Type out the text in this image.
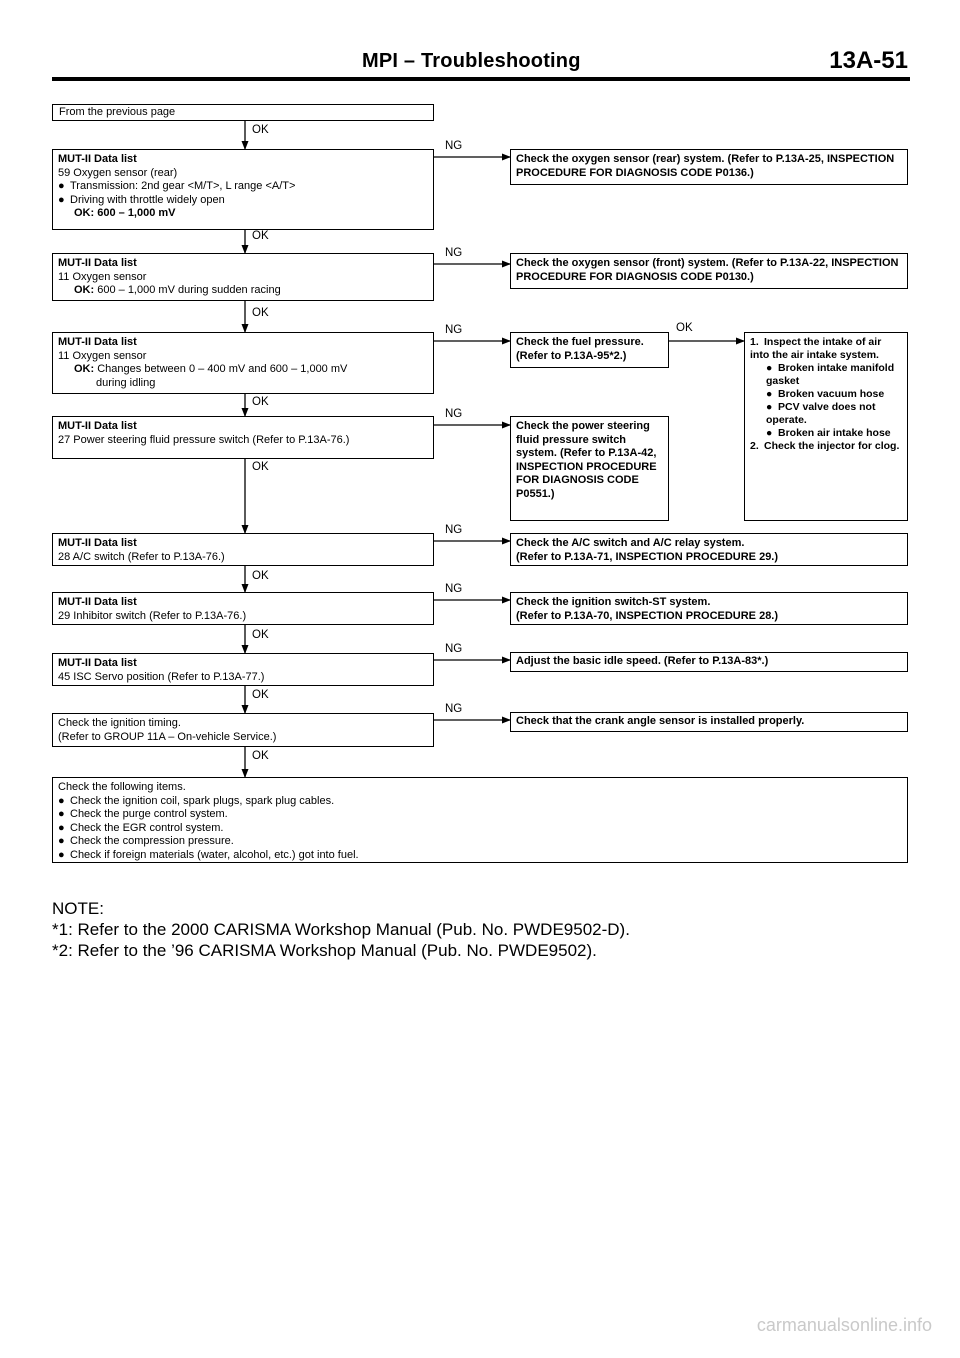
MPI – Troubleshooting	13A-51
From the previous page
OK
OK
OK
OK
OK
OK
OK
OK
OK
OK
NG
NG
NG
NG
NG
NG
NG
NG
MUT-II Data list
59 Oxygen sensor (rear)
● Transmission: 2nd gear <M/T>, L range <A/T>
● Driving with throttle widely open
OK: 600 – 1,000 mV
Check the oxygen sensor (rear) system. (Refer to P.13A-25, INSPECTION PROCEDURE FOR DIAGNOSIS CODE P0136.)
MUT-II Data list
11 Oxygen sensor
OK: 600 – 1,000 mV during sudden racing
Check the oxygen sensor (front) system. (Refer to P.13A-22, INSPECTION PROCEDURE FOR DIAGNOSIS CODE P0130.)
MUT-II Data list
11 Oxygen sensor
OK: Changes between 0 – 400 mV and 600 – 1,000 mV
during idling
Check the fuel pressure. (Refer to P.13A-95*2.)
1. Inspect the intake of air into the air intake system.
● Broken intake manifold gasket
● Broken vacuum hose
● PCV valve does not operate.
● Broken air intake hose
2. Check the injector for clog.
MUT-II Data list
27 Power steering fluid pressure switch (Refer to P.13A-76.)
Check the power steering fluid pressure switch system. (Refer to P.13A-42, INSPECTION PROCEDURE FOR DIAGNOSIS CODE P0551.)
MUT-II Data list
28 A/C switch (Refer to P.13A-76.)
Check the A/C switch and A/C relay system.
(Refer to P.13A-71, INSPECTION PROCEDURE 29.)
MUT-II Data list
29 Inhibitor switch (Refer to P.13A-76.)
Check the ignition switch-ST system.
(Refer to P.13A-70, INSPECTION PROCEDURE 28.)
MUT-II Data list
45 ISC Servo position (Refer to P.13A-77.)
Adjust the basic idle speed. (Refer to P.13A-83*.)
Check the ignition timing.
(Refer to GROUP 11A – On-vehicle Service.)
Check that the crank angle sensor is installed properly.
Check the following items.
● Check the ignition coil, spark plugs, spark plug cables.
● Check the purge control system.
● Check the EGR control system.
● Check the compression pressure.
● Check if foreign materials (water, alcohol, etc.) got into fuel.
NOTE:
*1: Refer to the 2000 CARISMA Workshop Manual (Pub. No. PWDE9502-D).
*2: Refer to the ’96 CARISMA Workshop Manual (Pub. No. PWDE9502).
carmanualsonline.info
